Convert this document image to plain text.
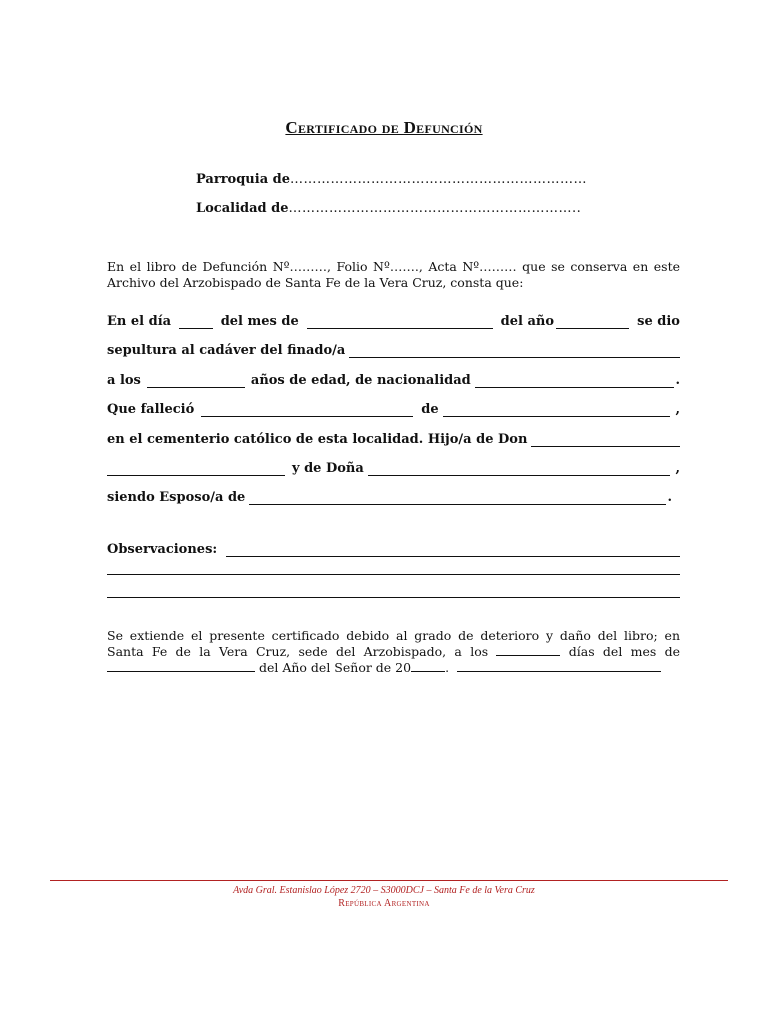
Certificado de Defunción
Parroquia de…………………………………………………………
Localidad de………………………………………………………..
En el libro de Defunción Nº………, Folio Nº……., Acta Nº……… que se conserva en este Archivo del Arzobispado de Santa Fe de la Vera Cruz, consta que:
En el día	del mes de	del año	se dio
sepultura al cadáver del finado/a
a los	años de edad, de nacionalidad	.
Que falleció	de	,
en el cementerio católico de esta localidad. Hijo/a de Don
y de Doña	,
siendo Esposo/a de	.
Observaciones:
Se extiende el presente certificado debido al grado de deterioro y daño del libro; en Santa Fe de la Vera Cruz, sede del Arzobispado, a los	días del mes de  del Año del Señor de 20	.
Avda Gral. Estanislao López 2720 – S3000DCJ – Santa Fe de la Vera Cruz
República Argentina
